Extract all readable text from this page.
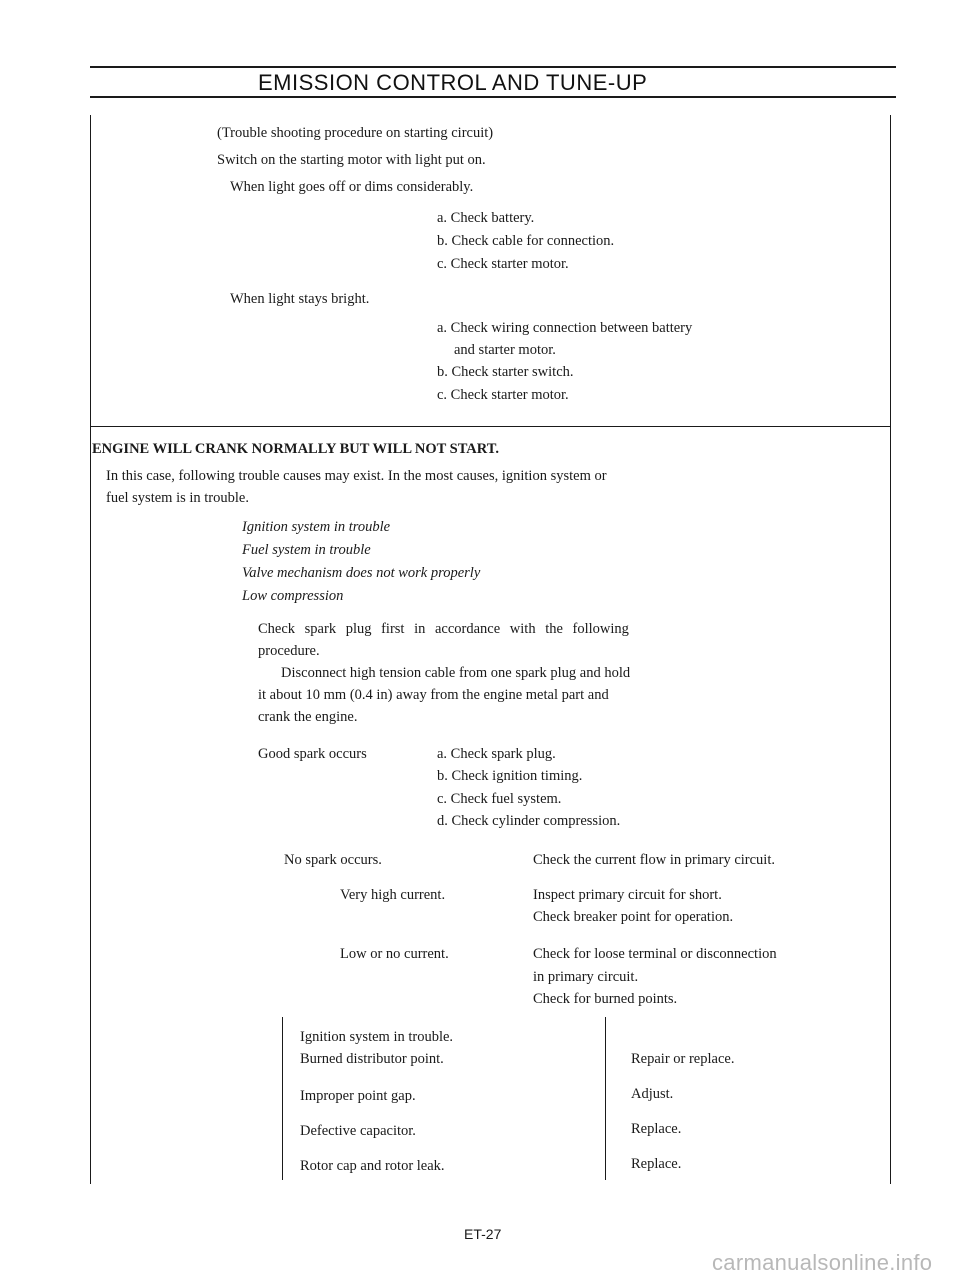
EMISSION CONTROL AND TUNE-UP
(Trouble shooting procedure on starting circuit)
Switch on the starting motor with light put on.
When light goes off or dims considerably.
a. Check battery.
b. Check cable for connection.
c. Check starter motor.
When light stays bright.
a. Check wiring connection between battery
and starter motor.
b. Check starter switch.
c. Check starter motor.
ENGINE WILL CRANK NORMALLY BUT WILL NOT START.
In this case, following trouble causes may exist. In the most causes, ignition system or
fuel system is in trouble.
Ignition system in trouble
Fuel system in trouble
Valve mechanism does not work properly
Low compression
Check spark plug first in accordance with the following
procedure.
Disconnect high tension cable from one spark plug and hold
it about 10 mm (0.4 in) away from the engine metal part and
crank the engine.
Good spark occurs	a. Check spark plug.
b. Check ignition timing.
c. Check fuel system.
d. Check cylinder compression.
No spark occurs.	Check the current flow in primary circuit.
Very high current.	Inspect primary circuit for short.
Check breaker point for operation.
Low or no current.	Check for loose terminal or disconnection
in primary circuit.
Check for burned points.
Ignition system in trouble.
Burned distributor point.	Repair or replace.
Improper point gap.	Adjust.
Defective capacitor.	Replace.
Rotor cap and rotor leak.	Replace.
ET-27
carmanualsonline.info
